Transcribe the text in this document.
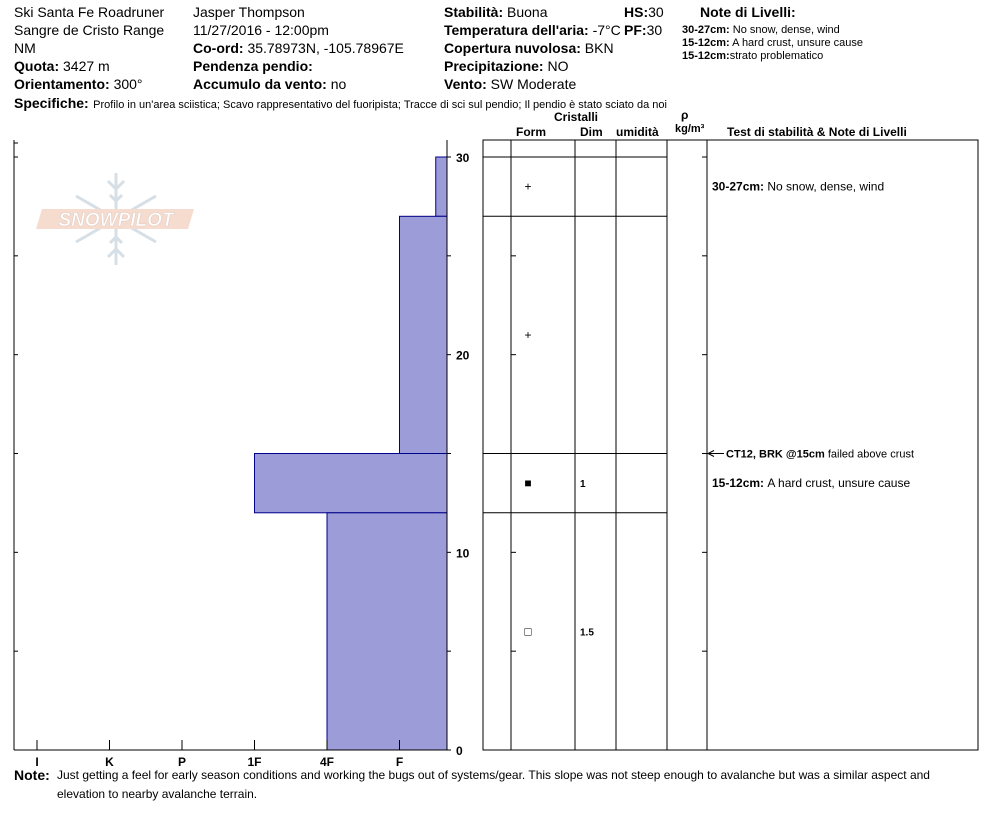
Ski Santa Fe Roadruner
Sangre de Cristo Range
NM
Quota: 3427 m
Orientamento: 300°
Jasper Thompson
11/27/2016 - 12:00pm
Co-ord: 35.78973N, -105.78967E
Pendenza pendio:
Accumulo da vento: no
Stabilità: Buona
Temperatura dell'aria: -7°C
Copertura nuvolosa: BKN
Precipitazione: NO
Vento: SW Moderate
HS:30
PF:30
Note di Livelli:
30-27cm: No snow, dense, wind
15-12cm: A hard crust, unsure cause
15-12cm:strato problematico
Specifiche: Profilo in un'area sciistica; Scavo rappresentativo del fuoripista; Tracce di sci sul pendio; Il pendio è stato sciato da noi
Cristalli
Form	Dim umidità
ρ
kg/m³ Test di stabilità & Note di Livelli
SNOWPILOT
I	K	P	1F	4F	F
0
10
20
30
+
+
■	1
□	1.5
30-27cm: No snow, dense, wind
15-12cm: A hard crust, unsure cause
CT12, BRK @15cm failed above crust
Note: Just getting a feel for early season conditions and working the bugs out of systems/gear. This slope was not steep enough to avalanche but was a similar aspect and
elevation to nearby avalanche terrain.
